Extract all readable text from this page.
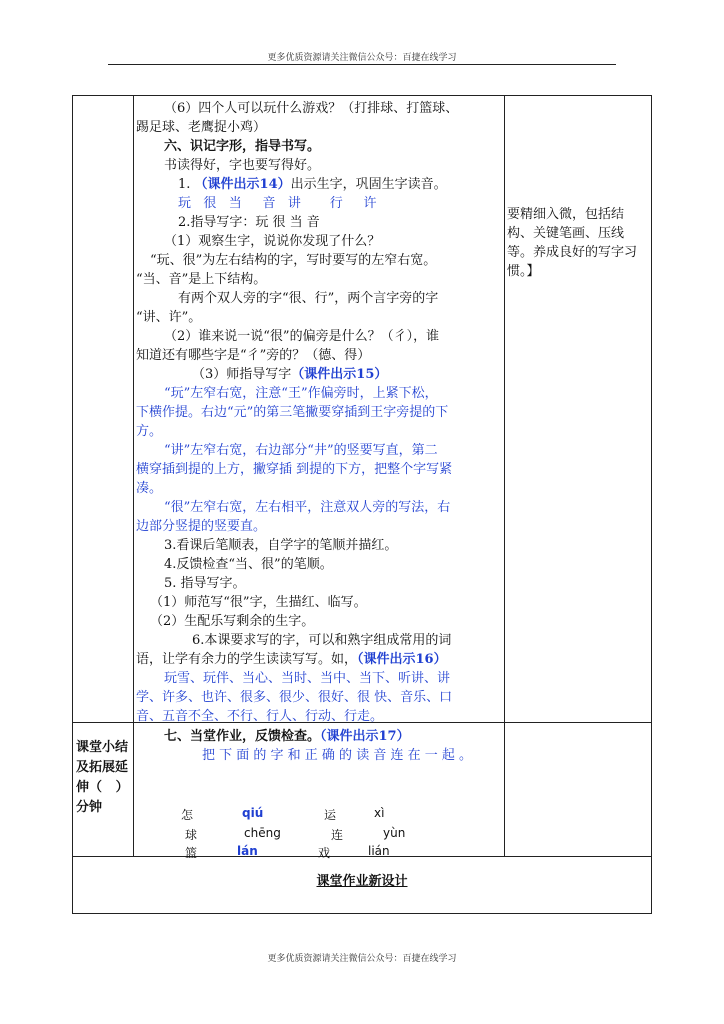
更多优质资源请关注微信公众号：百捷在线学习
（6）四个人可以玩什么游戏？（打排球、打篮球、
踢足球、老鹰捉小鸡）
六、识记字形，指导书写。
书读得好，字也要写得好。
1. （课件出示14）出示生字，巩固生字读音。
玩   很   当     音   讲       行     许
2.指导写字：玩 很 当 音
（1）观察生字，说说你发现了什么？
“玩、很”为左右结构的字，写时要写的左窄右宽。
“当、音”是上下结构。
有两个双人旁的字“很、行”，两个言字旁的字
“讲、许”。
（2）谁来说一说“很”的偏旁是什么？（彳），谁
知道还有哪些字是“彳”旁的？（德、得）
（3）师指导写字（课件出示15）
“玩”左窄右宽，注意“王”作偏旁时，上紧下松，
下横作提。右边“元”的第三笔撇要穿插到王字旁提的下
方。
“讲”左窄右宽，右边部分“井”的竖要写直，第二
横穿插到提的上方，撇穿插 到提的下方，把整个字写紧
凑。
“很”左窄右宽，左右相平，注意双人旁的写法，右
边部分竖提的竖要直。
3.看课后笔顺表，自学字的笔顺并描红。
4.反馈检查“当、很”的笔顺。
5. 指导写字。
（1）师范写“很”字，生描红、临写。
（2）生配乐写剩余的生字。
6.本课要求写的字，可以和熟字组成常用的词
语，让学有余力的学生读读写写。如，（课件出示16）
玩雪、玩伴、当心、当时、当中、当下、听讲、讲
学、许多、也许、很多、很少、很好、很 快、音乐、口
音、五音不全、不行、行人、行动、行走。
要精细入微，包括结
构、关键笔画、压线
等。养成良好的写字习
惯。】
课堂小结
及拓展延
伸（   ）
分钟
七、当堂作业，反馈检查。（课件出示17）
把 下 面 的 字 和 正 确 的 读 音 连 在 一 起 。
怎	qiú	运	xì
球	chēng	连	yùn
篮	lán	戏	lián
课堂作业新设计
更多优质资源请关注微信公众号：百捷在线学习
